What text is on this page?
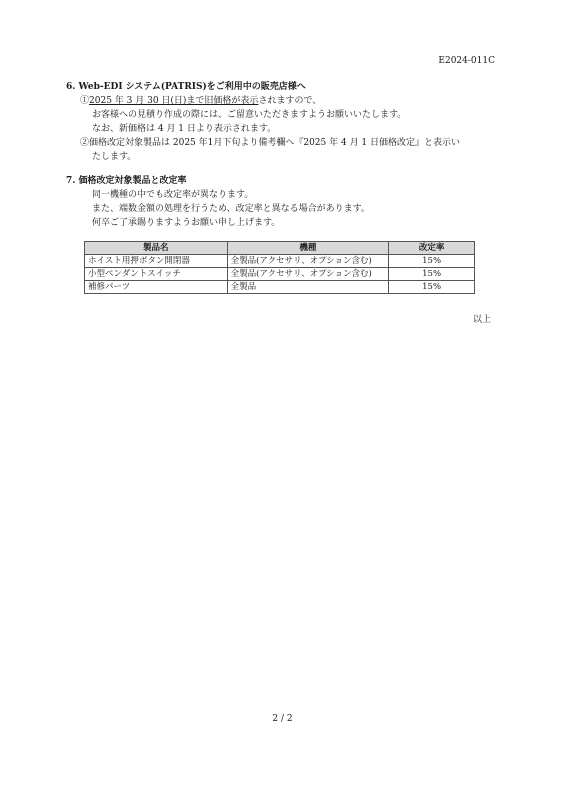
E2024-011C
6. Web-EDI システム(PATRIS)をご利用中の販売店様へ
①2025 年 3 月 30 日(日)まで旧価格が表示されますので、
お客様への見積り作成の際には、ご留意いただきますようお願いいたします。
なお、新価格は 4 月 1 日より表示されます。
②価格改定対象製品は 2025 年1月下旬より備考欄へ『2025 年 4 月 1 日価格改定』と表示い
たします。
7. 価格改定対象製品と改定率
同一機種の中でも改定率が異なります。
また、端数金額の処理を行うため、改定率と異なる場合があります。
何卒ご了承賜りますようお願い申し上げます。
製品名	機種	改定率
ホイスト用押ボタン開閉器	全製品(アクセサリ、オプション含む)	15%
小型ペンダントスイッチ	全製品(アクセサリ、オプション含む)	15%
補修パーツ	全製品	15%
以上
2 / 2
